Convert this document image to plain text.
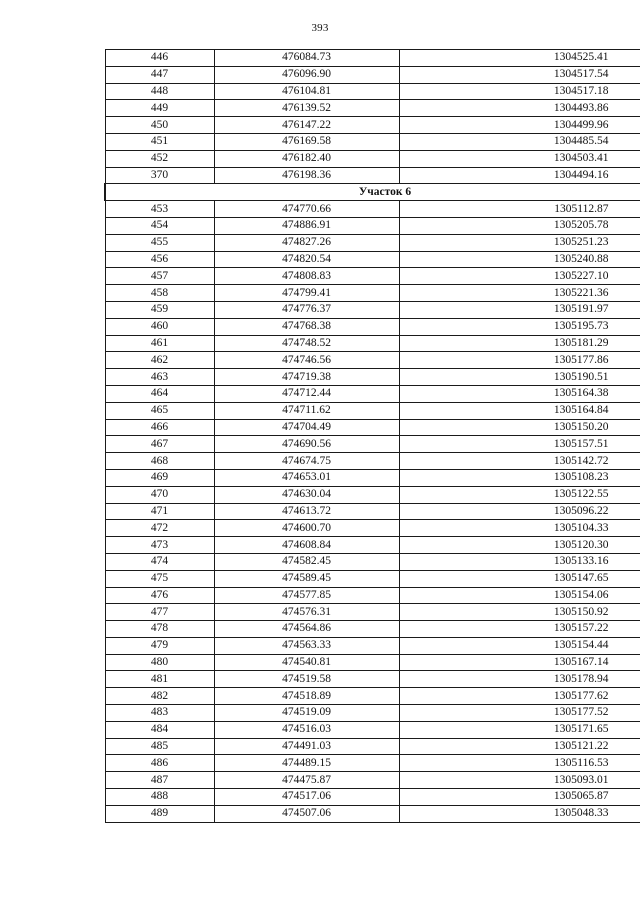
393
446	476084.73	1304525.41
447	476096.90	1304517.54
448	476104.81	1304517.18
449	476139.52	1304493.86
450	476147.22	1304499.96
451	476169.58	1304485.54
452	476182.40	1304503.41
370	476198.36	1304494.16
Участок 6		
453	474770.66	1305112.87
454	474886.91	1305205.78
455	474827.26	1305251.23
456	474820.54	1305240.88
457	474808.83	1305227.10
458	474799.41	1305221.36
459	474776.37	1305191.97
460	474768.38	1305195.73
461	474748.52	1305181.29
462	474746.56	1305177.86
463	474719.38	1305190.51
464	474712.44	1305164.38
465	474711.62	1305164.84
466	474704.49	1305150.20
467	474690.56	1305157.51
468	474674.75	1305142.72
469	474653.01	1305108.23
470	474630.04	1305122.55
471	474613.72	1305096.22
472	474600.70	1305104.33
473	474608.84	1305120.30
474	474582.45	1305133.16
475	474589.45	1305147.65
476	474577.85	1305154.06
477	474576.31	1305150.92
478	474564.86	1305157.22
479	474563.33	1305154.44
480	474540.81	1305167.14
481	474519.58	1305178.94
482	474518.89	1305177.62
483	474519.09	1305177.52
484	474516.03	1305171.65
485	474491.03	1305121.22
486	474489.15	1305116.53
487	474475.87	1305093.01
488	474517.06	1305065.87
489	474507.06	1305048.33
